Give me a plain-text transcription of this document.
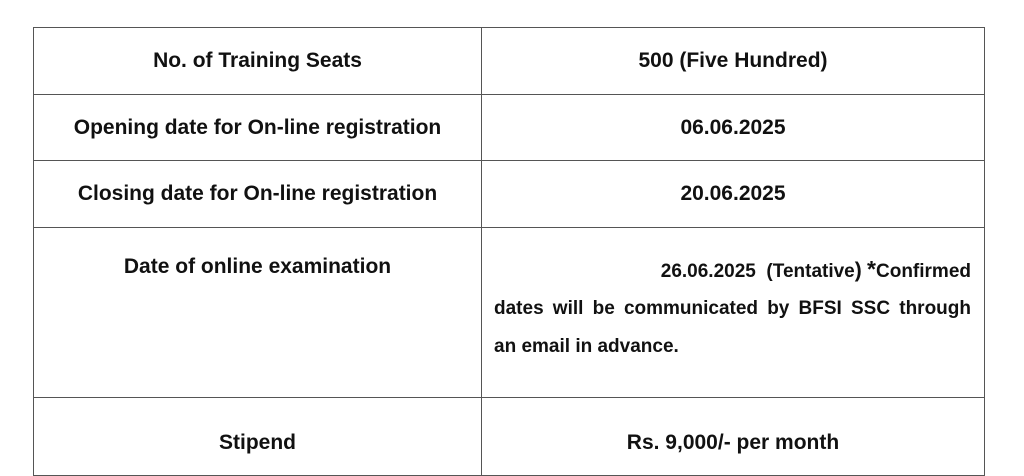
No. of Training Seats	500 (Five Hundred)
Opening date for On-line registration	06.06.2025
Closing date for On-line registration	20.06.2025
Date of online examination	26.06.2025 (Tentative) *Confirmed
dates will be communicated by BFSI SSC through an email in advance.

Stipend	Rs. 9,000/- per month
